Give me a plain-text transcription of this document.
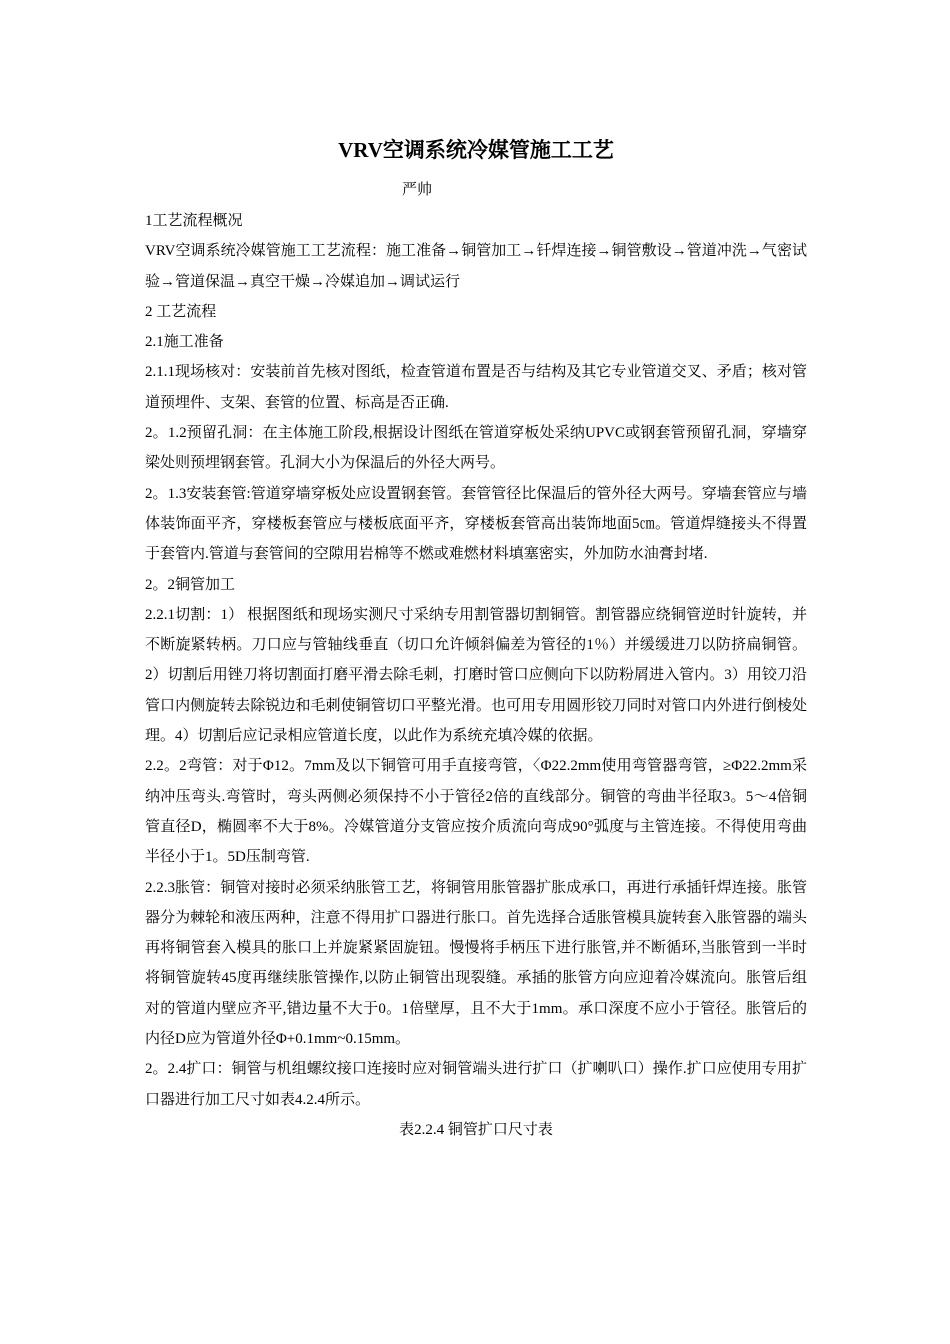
VRV空调系统冷媒管施工工艺
严帅

1工艺流程概况

VRV空调系统冷媒管施工工艺流程：施工准备→铜管加工→钎焊连接→铜管敷设→管道冲洗→气密试验→管道保温→真空干燥→冷媒追加→调试运行

2 工艺流程

2.1施工准备

2.1.1现场核对：安装前首先核对图纸，检查管道布置是否与结构及其它专业管道交叉、矛盾；核对管道预埋件、支架、套管的位置、标高是否正确.

2。1.2预留孔洞：在主体施工阶段,根据设计图纸在管道穿板处采纳UPVC或钢套管预留孔洞，穿墙穿梁处则预埋钢套管。孔洞大小为保温后的外径大两号。

2。1.3安装套管:管道穿墙穿板处应设置钢套管。套管管径比保温后的管外径大两号。穿墙套管应与墙体装饰面平齐，穿楼板套管应与楼板底面平齐，穿楼板套管高出装饰地面5㎝。管道焊缝接头不得置于套管内.管道与套管间的空隙用岩棉等不燃或难燃材料填塞密实，外加防水油膏封堵.

2。2铜管加工

2.2.1切割：1） 根据图纸和现场实测尺寸采纳专用割管器切割铜管。割管器应绕铜管逆时针旋转，并不断旋紧转柄。刀口应与管轴线垂直（切口允许倾斜偏差为管径的1％）并缓缓进刀以防挤扁铜管。2）切割后用锉刀将切割面打磨平滑去除毛刺，打磨时管口应侧向下以防粉屑进入管内。3）用铰刀沿管口内侧旋转去除锐边和毛刺使铜管切口平整光滑。也可用专用圆形铰刀同时对管口内外进行倒棱处理。4）切割后应记录相应管道长度，以此作为系统充填冷媒的依据。

2.2。2弯管：对于Φ12。7mm及以下铜管可用手直接弯管，〈Φ22.2mm使用弯管器弯管，≥Φ22.2mm采纳冲压弯头.弯管时，弯头两侧必须保持不小于管径2倍的直线部分。铜管的弯曲半径取3。5～4倍铜管直径D，椭圆率不大于8%。冷媒管道分支管应按介质流向弯成90°弧度与主管连接。不得使用弯曲半径小于1。5D压制弯管.

2.2.3胀管：铜管对接时必须采纳胀管工艺，将铜管用胀管器扩胀成承口，再进行承插钎焊连接。胀管器分为棘轮和液压两种，注意不得用扩口器进行胀口。首先选择合适胀管模具旋转套入胀管器的端头再将铜管套入模具的胀口上并旋紧紧固旋钮。慢慢将手柄压下进行胀管,并不断循环,当胀管到一半时将铜管旋转45度再继续胀管操作,以防止铜管出现裂缝。承插的胀管方向应迎着冷媒流向。胀管后组对的管道内壁应齐平,错边量不大于0。1倍壁厚，且不大于1mm。承口深度不应小于管径。胀管后的内径D应为管道外径Φ+0.1mm~0.15mm。

2。2.4扩口：铜管与机组螺纹接口连接时应对铜管端头进行扩口（扩喇叭口）操作.扩口应使用专用扩口器进行加工尺寸如表4.2.4所示。

表2.2.4 铜管扩口尺寸表
